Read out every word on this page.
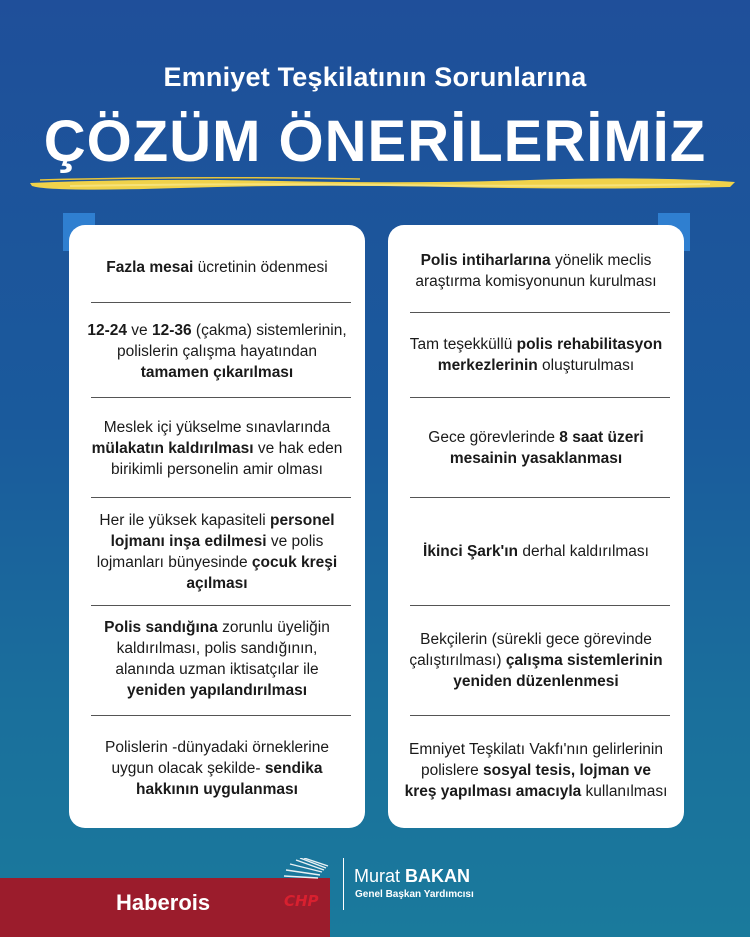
Emniyet Teşkilatının Sorunlarına
ÇÖZÜM ÖNERİLERİMİZ
Fazla mesai ücretinin ödenmesi
12-24 ve 12-36 (çakma) sistemlerinin, polislerin çalışma hayatından tamamen çıkarılması
Meslek içi yükselme sınavlarında mülakatın kaldırılması ve hak eden birikimli personelin amir olması
Her ile yüksek kapasiteli personel lojmanı inşa edilmesi ve polis lojmanları bünyesinde çocuk kreşi açılması
Polis sandığına zorunlu üyeliğin kaldırılması, polis sandığının, alanında uzman iktisatçılar ile yeniden yapılandırılması
Polislerin -dünyadaki örneklerine uygun olacak şekilde- sendika hakkının uygulanması
Polis intiharlarına yönelik meclis araştırma komisyonunun kurulması
Tam teşekküllü polis rehabilitasyon merkezlerinin oluşturulması
Gece görevlerinde 8 saat üzeri mesainin yasaklanması
İkinci Şark'ın derhal kaldırılması
Bekçilerin (sürekli gece görevinde çalıştırılması) çalışma sistemlerinin yeniden düzenlenmesi
Emniyet Teşkilatı Vakfı'nın gelirlerinin polislere sosyal tesis, lojman ve kreş yapılması amacıyla kullanılması
Haberois	CHP
Murat BAKAN
Genel Başkan Yardımcısı
